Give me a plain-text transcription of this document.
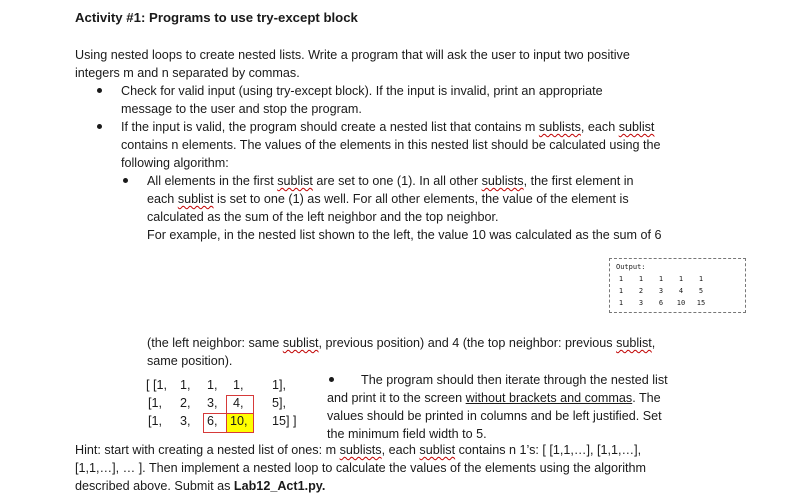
Activity #1: Programs to use try-except block
Using nested loops to create nested lists. Write a program that will ask the user to input two positive
integers m and n separated by commas.
Check for valid input (using try-except block). If the input is invalid, print an appropriate
message to the user and stop the program.
If the input is valid, the program should create a nested list that contains m sublists, each sublist
contains n elements. The values of the elements in this nested list should be calculated using the
following algorithm:
All elements in the first sublist are set to one (1). In all other sublists, the first element in
each sublist is set to one (1) as well. For all other elements, the value of the element is
calculated as the sum of the left neighbor and the top neighbor.
For example, in the nested list shown to the left, the value 10 was calculated as the sum of 6
Output:
1	1	1	1	1
1	2	3	4	5
1	3	6	10	15
(the left neighbor: same sublist, previous position) and 4 (the top neighbor: previous sublist,
same position).
[ [1, 1, 1, 1, 1],
[1, 2, 3, 4, 5],
[1, 3, 6, 10, 15] ]
The program should then iterate through the nested list
and print it to the screen without brackets and commas. The
values should be printed in columns and be left justified. Set
the minimum field width to 5.
Hint: start with creating a nested list of ones: m sublists, each sublist contains n 1’s: [ [1,1,…], [1,1,…],
[1,1,…], … ]. Then implement a nested loop to calculate the values of the elements using the algorithm
described above. Submit as Lab12_Act1.py.
